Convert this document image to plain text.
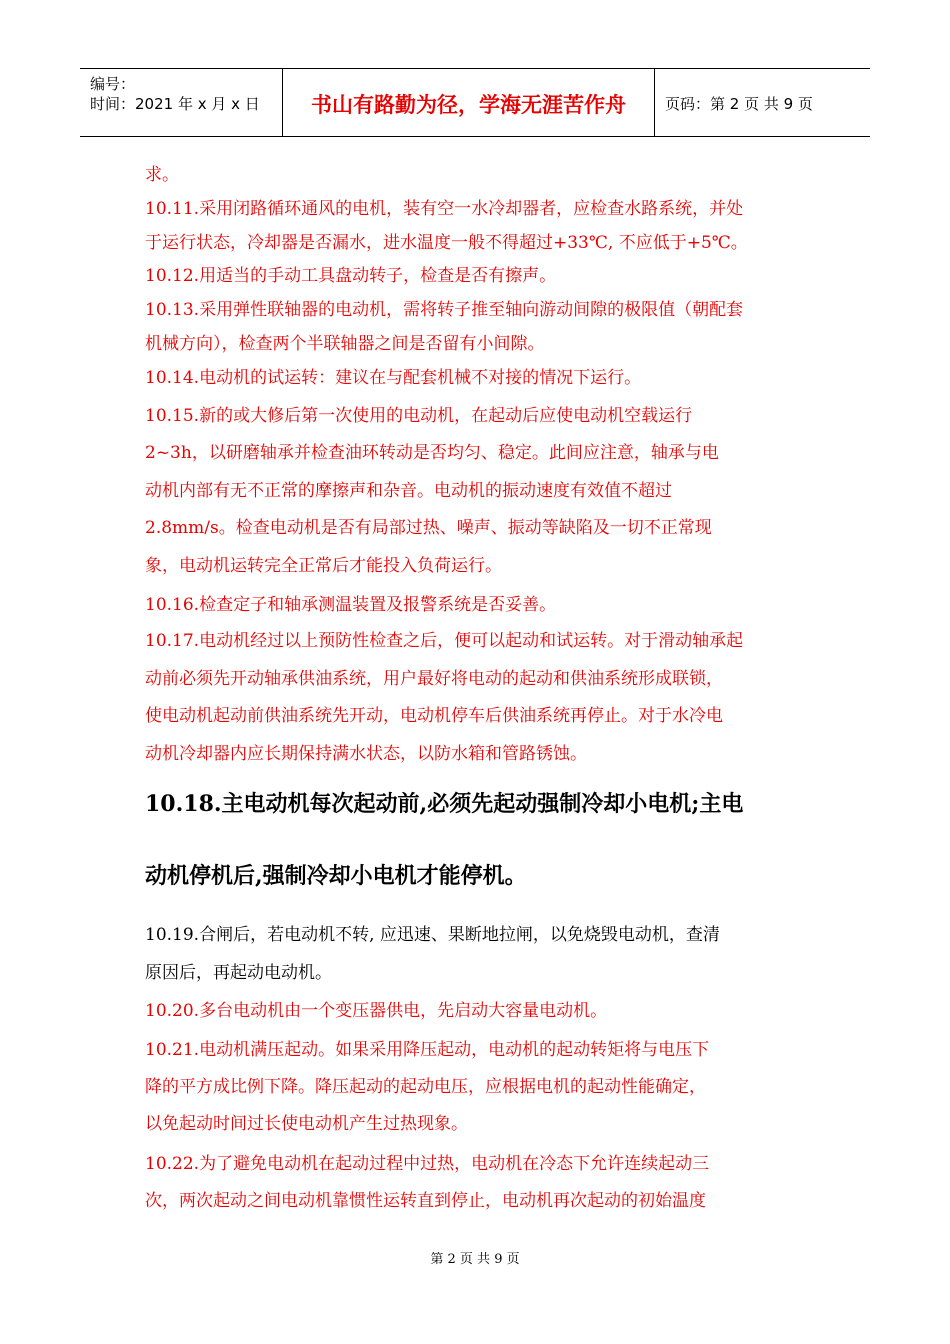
编号：
时间：2021 年 x 月 x 日	书山有路勤为径，学海无涯苦作舟	页码：第 2 页 共 9 页
求。
10.11.采用闭路循环通风的电机，装有空一水冷却器者，应检查水路系统，并处
于运行状态，冷却器是否漏水，进水温度一般不得超过+33℃, 不应低于+5℃。
10.12.用适当的手动工具盘动转子，检查是否有擦声。
10.13.采用弹性联轴器的电动机，需将转子推至轴向游动间隙的极限值（朝配套
机械方向），检查两个半联轴器之间是否留有小间隙。
10.14.电动机的试运转：建议在与配套机械不对接的情况下运行。
10.15.新的或大修后第一次使用的电动机，在起动后应使电动机空载运行
2~3h，以研磨轴承并检查油环转动是否均匀、稳定。此间应注意，轴承与电
动机内部有无不正常的摩擦声和杂音。电动机的振动速度有效值不超过
2.8mm/s。检查电动机是否有局部过热、噪声、振动等缺陷及一切不正常现
象，电动机运转完全正常后才能投入负荷运行。
10.16.检查定子和轴承测温装置及报警系统是否妥善。
10.17.电动机经过以上预防性检查之后，便可以起动和试运转。对于滑动轴承起
动前必须先开动轴承供油系统，用户最好将电动的起动和供油系统形成联锁，
使电动机起动前供油系统先开动，电动机停车后供油系统再停止。对于水冷电
动机冷却器内应长期保持满水状态，以防水箱和管路锈蚀。
10.18.主电动机每次起动前,必须先起动强制冷却小电机;主电
动机停机后,强制冷却小电机才能停机。
10.19.合闸后，若电动机不转, 应迅速、果断地拉闸，以免烧毁电动机，查清
原因后，再起动电动机。
10.20.多台电动机由一个变压器供电，先启动大容量电动机。
10.21.电动机满压起动。如果采用降压起动，电动机的起动转矩将与电压下
降的平方成比例下降。降压起动的起动电压，应根据电机的起动性能确定，
以免起动时间过长使电动机产生过热现象。
10.22.为了避免电动机在起动过程中过热，电动机在冷态下允许连续起动三
次，两次起动之间电动机靠惯性运转直到停止，电动机再次起动的初始温度
第 2 页 共 9 页
